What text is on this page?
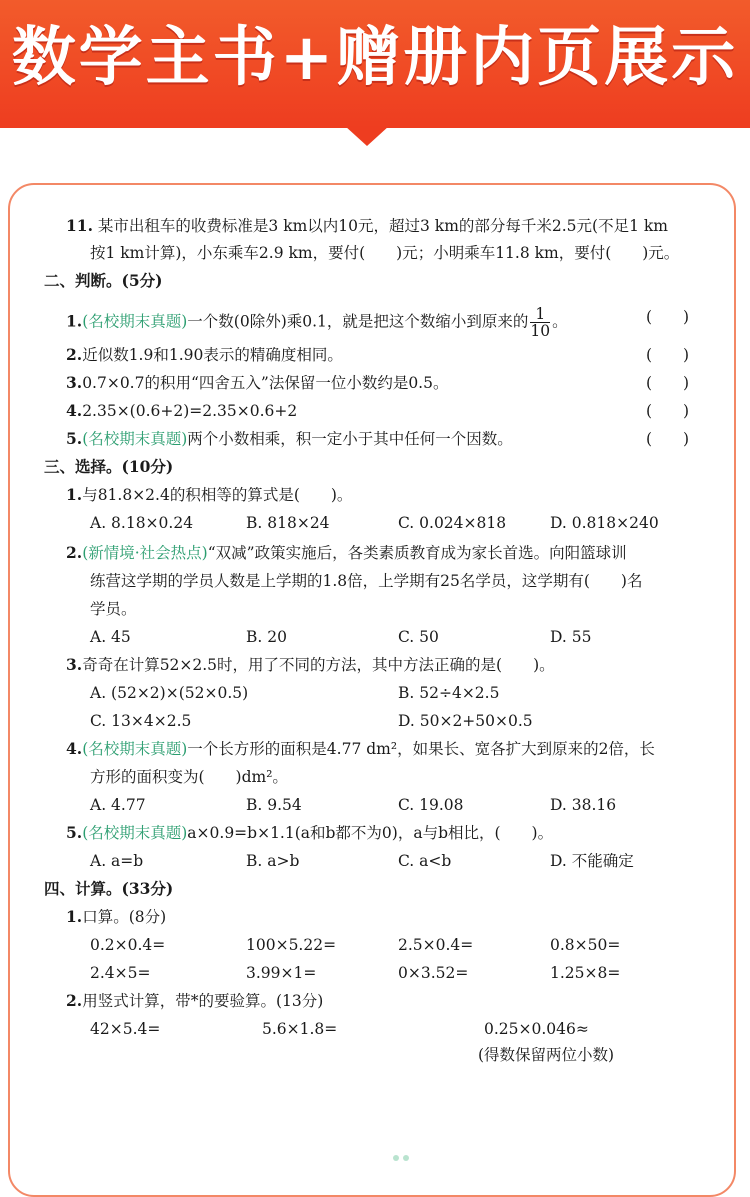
数学主书+赠册内页展示
11. 某市出租车的收费标准是3 km以内10元，超过3 km的部分每千米2.5元(不足1 km
按1 km计算)，小东乘车2.9 km，要付(　　)元；小明乘车11.8 km，要付(　　)元。
二、判断。(5分)
1.(名校期末真题)一个数(0除外)乘0.1，就是把这个数缩小到原来的 $\frac{1}{10}$ 。	(　　)
2.近似数1.9和1.90表示的精确度相同。	(　　)
3.0.7×0.7的积用“四舍五入”法保留一位小数约是0.5。	(　　)
4.2.35×(0.6+2)=2.35×0.6+2	(　　)
5.(名校期末真题)两个小数相乘，积一定小于其中任何一个因数。	(　　)
三、选择。(10分)
1.与81.8×2.4的积相等的算式是(　　)。
A. 8.18×0.24	B. 818×24	C. 0.024×818	D. 0.818×240
2.(新情境·社会热点)“双减”政策实施后，各类素质教育成为家长首选。向阳篮球训
练营这学期的学员人数是上学期的1.8倍，上学期有25名学员，这学期有(　　)名
学员。
A. 45	B. 20	C. 50	D. 55
3.奇奇在计算52×2.5时，用了不同的方法，其中方法正确的是(　　)。
A. (52×2)×(52×0.5)	B. 52÷4×2.5
C. 13×4×2.5	D. 50×2+50×0.5
4.(名校期末真题)一个长方形的面积是4.77 dm²，如果长、宽各扩大到原来的2倍，长
方形的面积变为(　　)dm²。
A. 4.77	B. 9.54	C. 19.08	D. 38.16
5.(名校期末真题)a×0.9=b×1.1(a和b都不为0)，a与b相比，(　　)。
A. a=b	B. a>b	C. a<b	D. 不能确定
四、计算。(33分)
1.口算。(8分)
0.2×0.4=	100×5.22=	2.5×0.4=	0.8×50=
2.4×5=	3.99×1=	0×3.52=	1.25×8=
2.用竖式计算，带*的要验算。(13分)
42×5.4=	5.6×1.8=	0.25×0.046≈
(得数保留两位小数)
